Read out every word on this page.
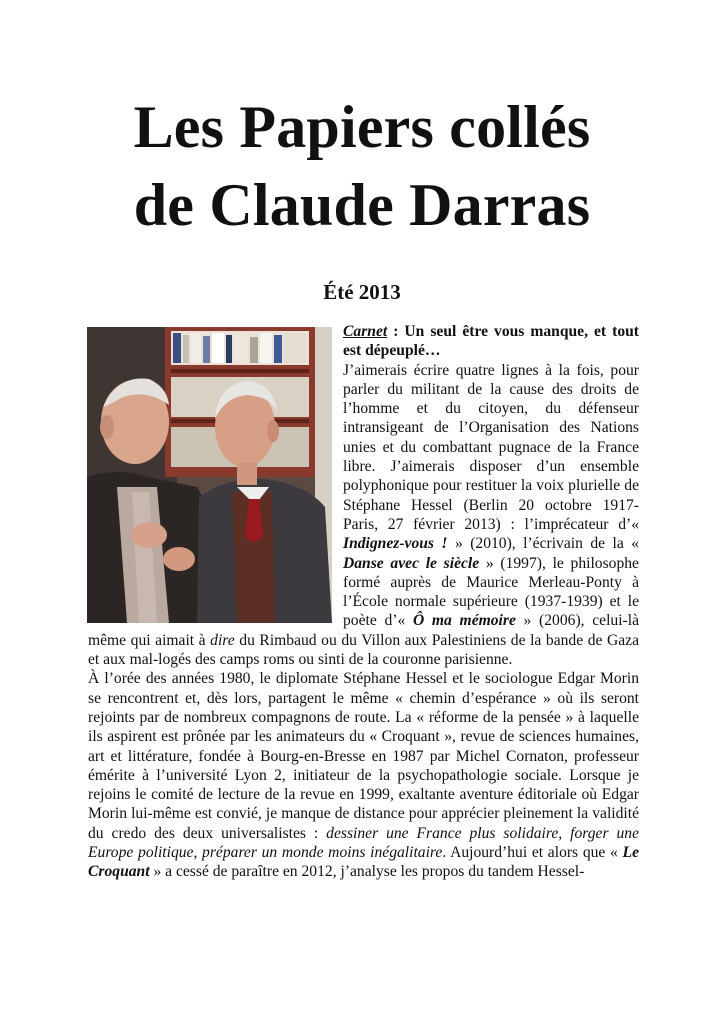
Les Papiers collés
de Claude Darras
Été 2013

Carnet : Un seul être vous manque, et tout est dépeuplé…

J’aimerais écrire quatre lignes à la fois, pour parler du militant de la cause des droits de l’homme et du citoyen, du défenseur intransigeant de l’Organisation des Nations unies et du combattant pugnace de la France libre. J’aimerais disposer d’un ensemble polyphonique pour restituer la voix plurielle de Stéphane Hessel (Berlin 20 octobre 1917-Paris, 27 février 2013) : l’imprécateur d’« Indignez-vous ! » (2010), l’écrivain de la « Danse avec le siècle » (1997), le philosophe formé auprès de Maurice Merleau-Ponty à l’École normale supérieure (1937-1939) et le poète d’« Ô ma mémoire » (2006), celui-là même qui aimait à dire du Rimbaud ou du Villon aux Palestiniens de la bande de Gaza et aux mal-logés des camps roms ou sinti de la couronne parisienne.

À l’orée des années 1980, le diplomate Stéphane Hessel et le sociologue Edgar Morin se rencontrent et, dès lors, partagent le même « chemin d’espérance » où ils seront rejoints par de nombreux compagnons de route. La « réforme de la pensée » à laquelle ils aspirent est prônée par les animateurs du « Croquant », revue de sciences humaines, art et littérature, fondée à Bourg-en-Bresse en 1987 par Michel Cornaton, professeur émérite à l’université Lyon 2, initiateur de la psychopathologie sociale. Lorsque je rejoins le comité de lecture de la revue en 1999, exaltante aventure éditoriale où Edgar Morin lui-même est convié, je manque de distance pour apprécier pleinement la validité du credo des deux universalistes : dessiner une France plus solidaire, forger une Europe politique, préparer un monde moins inégalitaire. Aujourd’hui et alors que « Le Croquant » a cessé de paraître en 2012, j’analyse les propos du tandem Hessel-
